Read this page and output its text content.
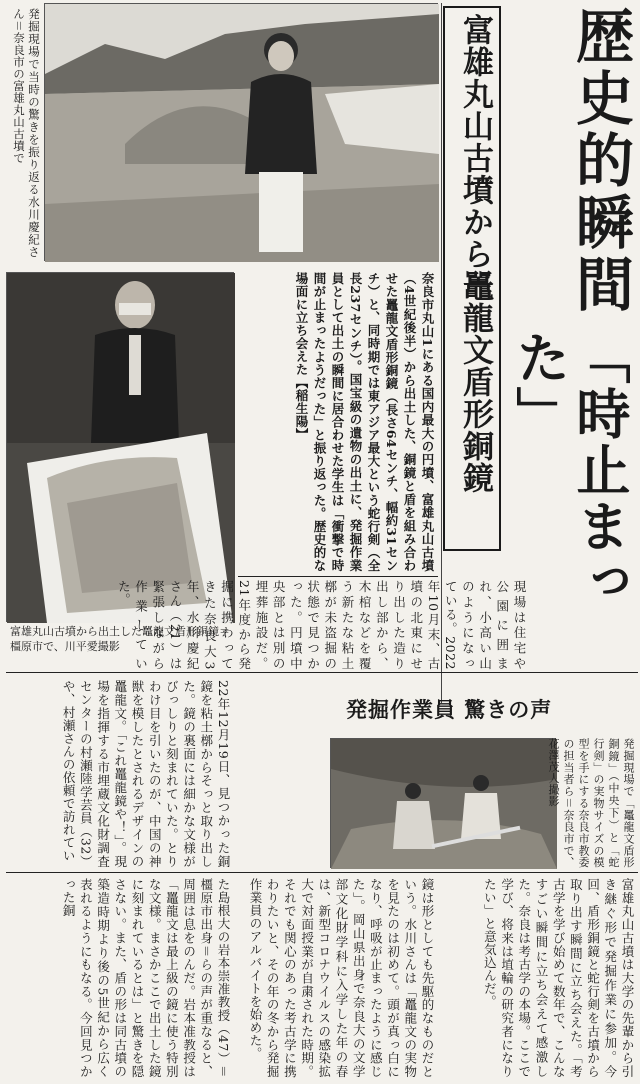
発掘現場で当時の驚きを振り返る水川慶紀さん＝奈良市の富雄丸山古墳で	歴史的瞬間
「時止まった」
富雄丸山古墳から鼉龍文盾形銅鏡
奈良市丸山1にある国内最大の円墳、富雄丸山古墳（4世紀後半）から出土した、銅鏡と盾を組み合わせた鼉龍文盾形銅鏡（長さ64センチ、幅約31センチ）と、同時期では東アジア最大という蛇行剣（全長237センチ）。国宝級の遺物の出土に、発掘作業員として出土の瞬間に居合わせた学生は「衝撃で時間が止まったようだった」と振り返った。歴史的な場面に立ち会えた【稲生陽】
富雄丸山古墳から出土した鼉龍文盾形銅鏡＝橿原市で、川平愛撮影	現場は住宅や公園に囲まれ、小高い山のようになっている。2022年10月末、古墳の北東にせり出した造り出し部から、木棺などを覆う新たな粘土槨が未盗掘の状態で見つかった。円墳中央部とは別の埋葬施設だ。21年度から発掘に携わってきた奈良大3年、水川慶紀さん（21）は緊張しながら作業していた。
22年12月19日、見つかった銅鏡を粘土槨からそっと取り出した。鏡の裏面には細かな文様がびっしりと刻まれていた。とりわけ目を引いたのが、中国の神獣を模したとされるデザインの鼉龍文。「これ鼉龍鏡や！」。現場を指揮する市埋蔵文化財調査センターの村瀬陸学芸員（32）や、村瀬さんの依頼で訪れてい
た島根大の岩本崇准教授（47）＝橿原市出身＝らの声が重なると、周囲は息をのんだ。岩本准教授は「鼉龍文は最上級の鏡に使う特別な文様。まさかここで出土した鏡に刻まれているとは」と驚きを隠さない。また、盾の形は同古墳の築造時期より後の5世紀から広く表れるようにもなる。今回見つかった銅
発掘作業員 驚きの声
発掘現場で「鼉龍文盾形銅鏡」（中央下）と「蛇行剣」の実物サイズの模型を手にする奈良市教委の担当者ら＝奈良市で、花澤茂人撮影
鏡は形としても先駆的なものだという。水川さんは「鼉龍文の実物を見たのは初めて。頭が真っ白になり、呼吸が止まったように感じた」。岡山県出身で奈良大の文学部文化財学科に入学した年の春は、新型コロナウイルスの感染拡大で対面授業が自粛された時期。それでも関心のあった考古学に携わりたいと、その年の冬から発掘作業員のアルバイトを始めた。	富雄丸山古墳は大学の先輩から引き継ぐ形で発掘作業に参加。今回、盾形銅鏡と蛇行剣を古墳から取り出す瞬間に立ち会えた。「考古学を学び始めて数年で、こんなすごい瞬間に立ち会えて感激した。奈良は考古学の本場。ここで学び、将来は埴輪の研究者になりたい」と意気込んだ。
